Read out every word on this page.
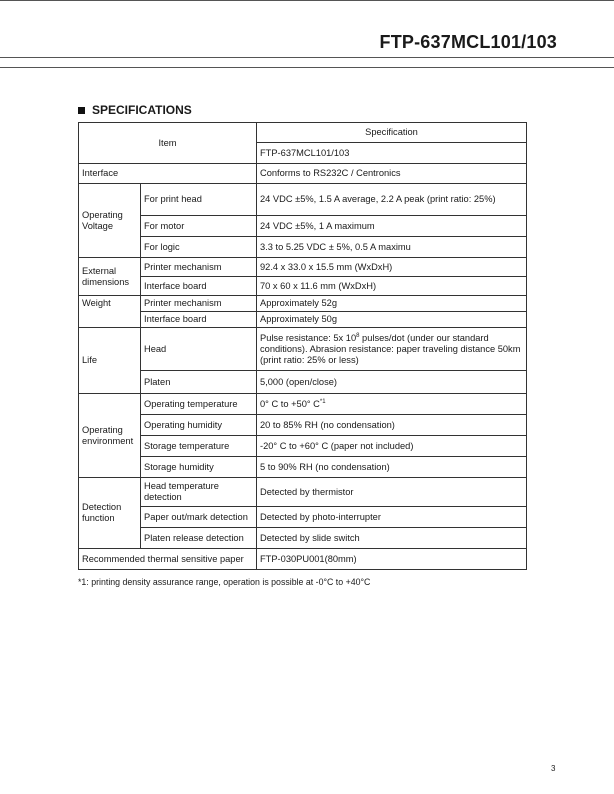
FTP-637MCL101/103
SPECIFICATIONS
Item		Specification
		FTP-637MCL101/103
Interface		Conforms to RS232C / Centronics
Operating Voltage	For print head	24 VDC ±5%, 1.5 A average, 2.2 A peak (print ratio: 25%)
	For motor	24 VDC ±5%, 1 A maximum
	For logic	3.3 to 5.25 VDC ± 5%, 0.5 A maximu
External dimensions	Printer mechanism	92.4 x 33.0 x 15.5 mm (WxDxH)
	Interface board	70 x 60 x 11.6 mm (WxDxH)
Weight	Printer mechanism	Approximately 52g
	Interface board	Approximately 50g
Life	Head	Pulse resistance: 5x $10^8$ pulses/dot (under our standard conditions). Abrasion resistance: paper traveling distance 50km (print ratio: 25% or less)
	Platen	5,000 (open/close)
Operating environment	Operating temperature	0° C to +50° $C^{*1}$
	Operating humidity	20 to 85% RH (no condensation)
	Storage temperature	-20° C to +60° C (paper not included)
	Storage humidity	5 to 90% RH (no condensation)
Detection function	Head temperature detection	Detected by thermistor
	Paper out/mark detection	Detected by photo-interrupter
	Platen release detection	Detected by slide switch
Recommended thermal sensitive paper		FTP-030PU001(80mm)
*1: printing density assurance range, operation is possible at -0°C to +40°C
3
